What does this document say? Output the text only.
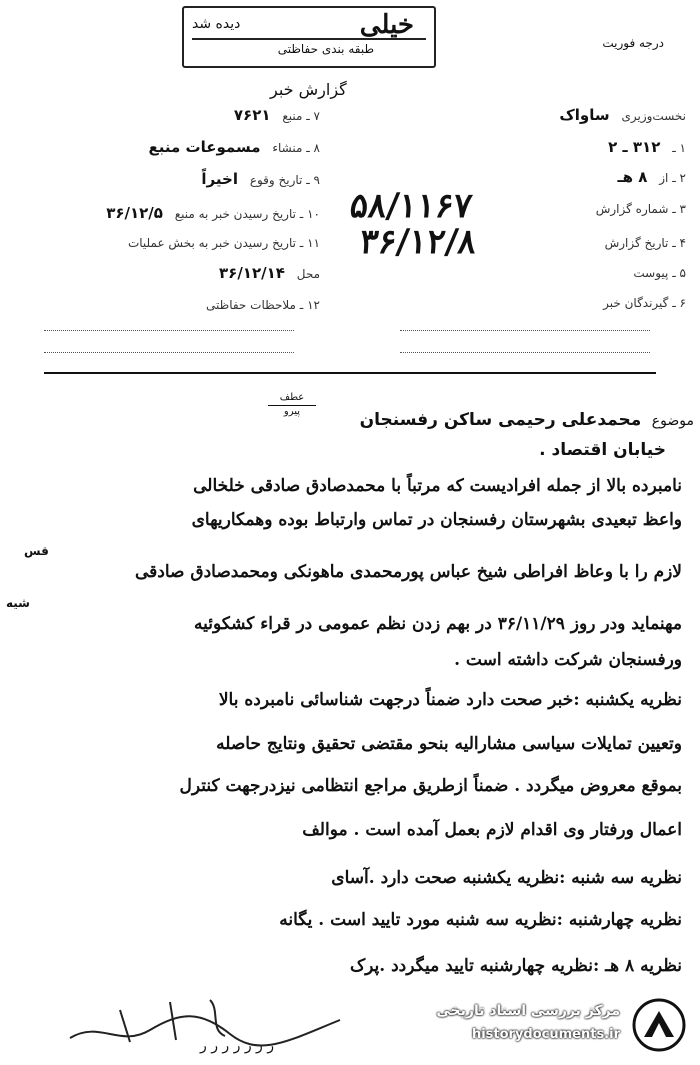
خیلی
دیده شد
طبقه بندی حفاظتی	درجه فوریت
گزارش خبر
نخست‌وزیری ساواک
۱ ـ ۳۱۲ ـ ۲
۲ ـ از ۸ هـ
۳ ـ شماره گزارش
۴ ـ تاریخ گزارش
۵ ـ پیوست
۶ ـ گیرندگان خبر
۷ ـ منبع ۷۶۲۱
۸ ـ منشاء مسموعات منبع
۹ ـ تاریخ وقوع اخیراً
۱۰ ـ تاریخ رسیدن خبر به منبع ۳۶/۱۲/۵
۱۱ ـ تاریخ رسیدن خبر به بخش عملیات
محل ۳۶/۱۲/۱۴
۱۲ ـ ملاحظات حفاظتی
۵۸/۱۱۶۷
۳۶/۱۲/۸
عطف
پیرو
موضوع محمدعلی رحیمی ساکن رفسنجان
خیابان اقتصاد .
نامبرده بالا از جمله افرادیست که مرتباً با محمدصادق صادقی خلخالی
واعظ تبعیدی بشهرستان رفسنجان در تماس وارتباط بوده وهمکاریهای
لازم را با وعاظ افراطی شیخ عباس پورمحمدی ماهونکی ومحمدصادق صادقی
مهنماید ودر روز ۳۶/۱۱/۲۹ در بهم زدن نظم عمومی در قراء کشکوئیه
ورفسنجان شرکت داشته است .
نظریه یکشنبه :خبر صحت دارد ضمناً درجهت شناسائی نامبرده بالا
وتعیین تمایلات سیاسی مشارالیه بنحو مقتضی تحقیق ونتایج حاصله
بموقع معروض میگردد . ضمناً ازطریق مراجع انتظامی نیزدرجهت کنترل
اعمال ورفتار وی اقدام لازم بعمل آمده است . موالف
نظریه سه شنبه :نظریه یکشنبه صحت دارد .آسای
نظریه چهارشنبه :نظریه سه شنبه مورد تایید است . یگانه
نظریه ۸ هـ :نظریه چهارشنبه تایید میگردد .پرک
قس
شیه
ر ر ر ر ر ر ر
مرکز بررسی اسناد تاریخی
historydocuments.ir
